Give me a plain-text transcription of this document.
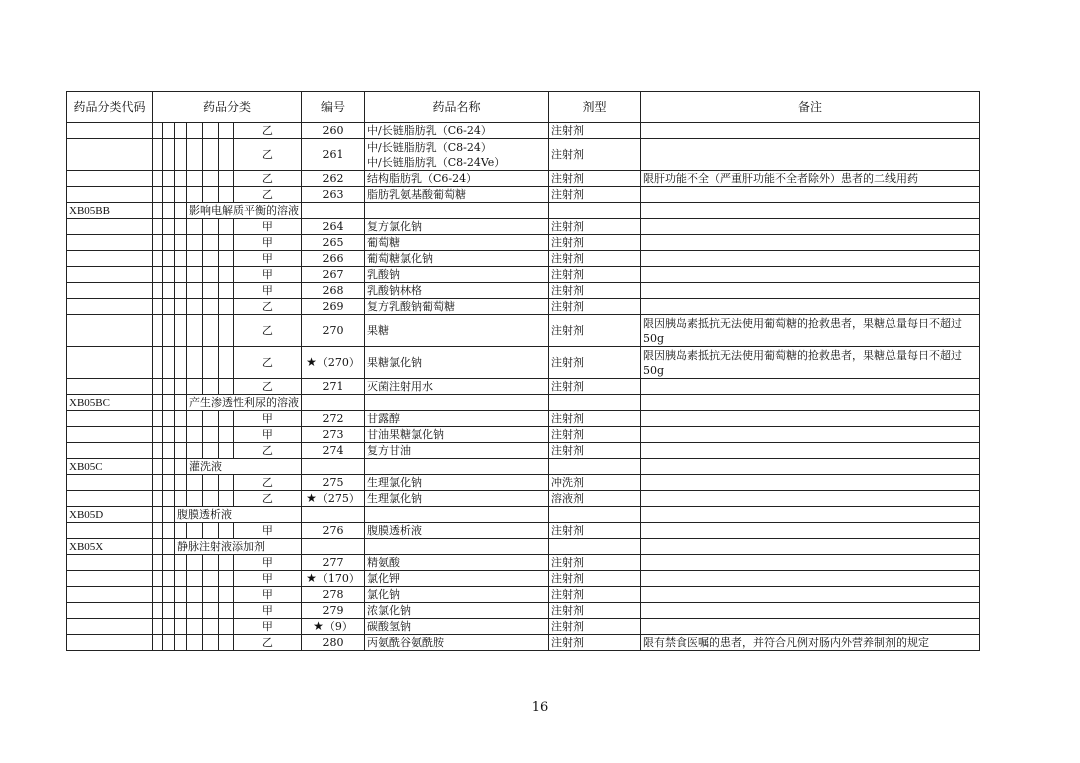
药品分类代码	药品分类							编号	药品名称	剂型	备注
							乙	260	中/长链脂肪乳（C6-24）	注射剂	
							乙	261	中/长链脂肪乳（C8-24）
中/长链脂肪乳（C8-24Ve）	注射剂	
							乙	262	结构脂肪乳（C6-24）	注射剂	限肝功能不全（严重肝功能不全者除外）患者的二线用药
							乙	263	脂肪乳氨基酸葡萄糖	注射剂	
XB05BB				影响电解质平衡的溶液							
							甲	264	复方氯化钠	注射剂	
							甲	265	葡萄糖	注射剂	
							甲	266	葡萄糖氯化钠	注射剂	
							甲	267	乳酸钠	注射剂	
							甲	268	乳酸钠林格	注射剂	
							乙	269	复方乳酸钠葡萄糖	注射剂	
							乙	270	果糖	注射剂	限因胰岛素抵抗无法使用葡萄糖的抢救患者，果糖总量每日不超过50g
							乙	★（270）	果糖氯化钠	注射剂	限因胰岛素抵抗无法使用葡萄糖的抢救患者，果糖总量每日不超过50g
							乙	271	灭菌注射用水	注射剂	
XB05BC				产生渗透性利尿的溶液							
							甲	272	甘露醇	注射剂	
							甲	273	甘油果糖氯化钠	注射剂	
							乙	274	复方甘油	注射剂	
XB05C				灌洗液							
							乙	275	生理氯化钠	冲洗剂	
							乙	★（275）	生理氯化钠	溶液剂	
XB05D			腹膜透析液								
							甲	276	腹膜透析液	注射剂	
XB05X			静脉注射液添加剂								
							甲	277	精氨酸	注射剂	
							甲	★（170）	氯化钾	注射剂	
							甲	278	氯化钠	注射剂	
							甲	279	浓氯化钠	注射剂	
							甲	★（9）	碳酸氢钠	注射剂	
							乙	280	丙氨酰谷氨酰胺	注射剂	限有禁食医嘱的患者，并符合凡例对肠内外营养制剂的规定
16
